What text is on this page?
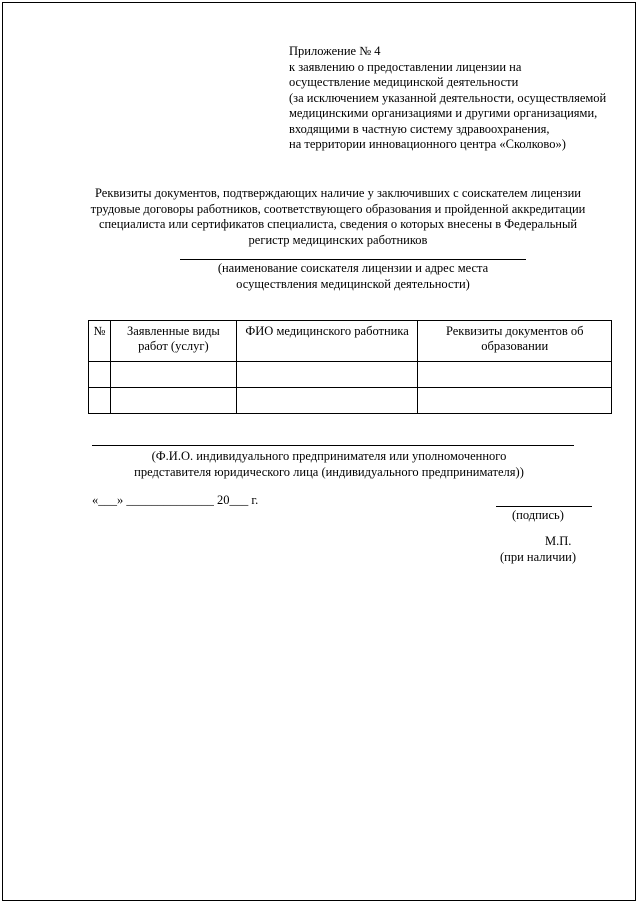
Приложение № 4
к заявлению о предоставлении лицензии на
осуществление медицинской деятельности
(за исключением указанной деятельности, осуществляемой
медицинскими организациями и другими организациями,
входящими в частную систему здравоохранения,
на территории инновационного центра «Сколково»)
Реквизиты документов, подтверждающих наличие у заключивших с соискателем лицензии
трудовые договоры работников, соответствующего образования и пройденной аккредитации
специалиста или сертификатов специалиста, сведения о которых внесены в Федеральный
регистр медицинских работников
(наименование соискателя лицензии и адрес места
осуществления медицинской деятельности)
№	Заявленные виды работ (услуг)	ФИО медицинского работника	Реквизиты документов об образовании

(Ф.И.О. индивидуального предпринимателя или уполномоченного
представителя юридического лица (индивидуального предпринимателя))
«___» ______________ 20___ г.
(подпись)
М.П.
(при наличии)
